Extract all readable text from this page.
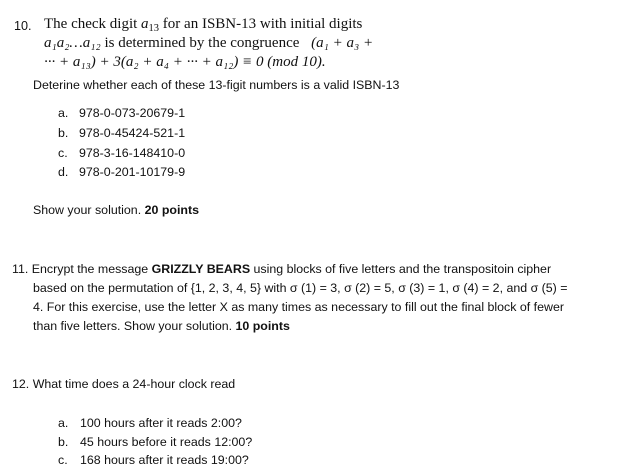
10. The check digit $a_{13}$ for an ISBN-13 with initial digits
a₁a₂…a₁₂ is determined by the congruence (a₁ + a₃ +
··· + a₁₃) + 3(a₂ + a₄ + ··· + a₁₂) ≡ 0 (mod 10).
Deterine whether each of these 13-figit numbers is a valid ISBN-13
a. 978-0-073-20679-1
b. 978-0-45424-521-1
c. 978-3-16-148410-0
d. 978-0-201-10179-9
Show your solution. 20 points
11. Encrypt the message GRIZZLY BEARS using blocks of five letters and the transpositoin cipher
based on the permutation of {1, 2, 3, 4, 5} with σ (1) = 3, σ (2) = 5, σ (3) = 1, σ (4) = 2, and σ (5) =
4. For this exercise, use the letter X as many times as necessary to fill out the final block of fewer
than five letters. Show your solution. 10 points
12. What time does a 24-hour clock read
a. 100 hours after it reads 2:00?
b. 45 hours before it reads 12:00?
c. 168 hours after it reads 19:00?
